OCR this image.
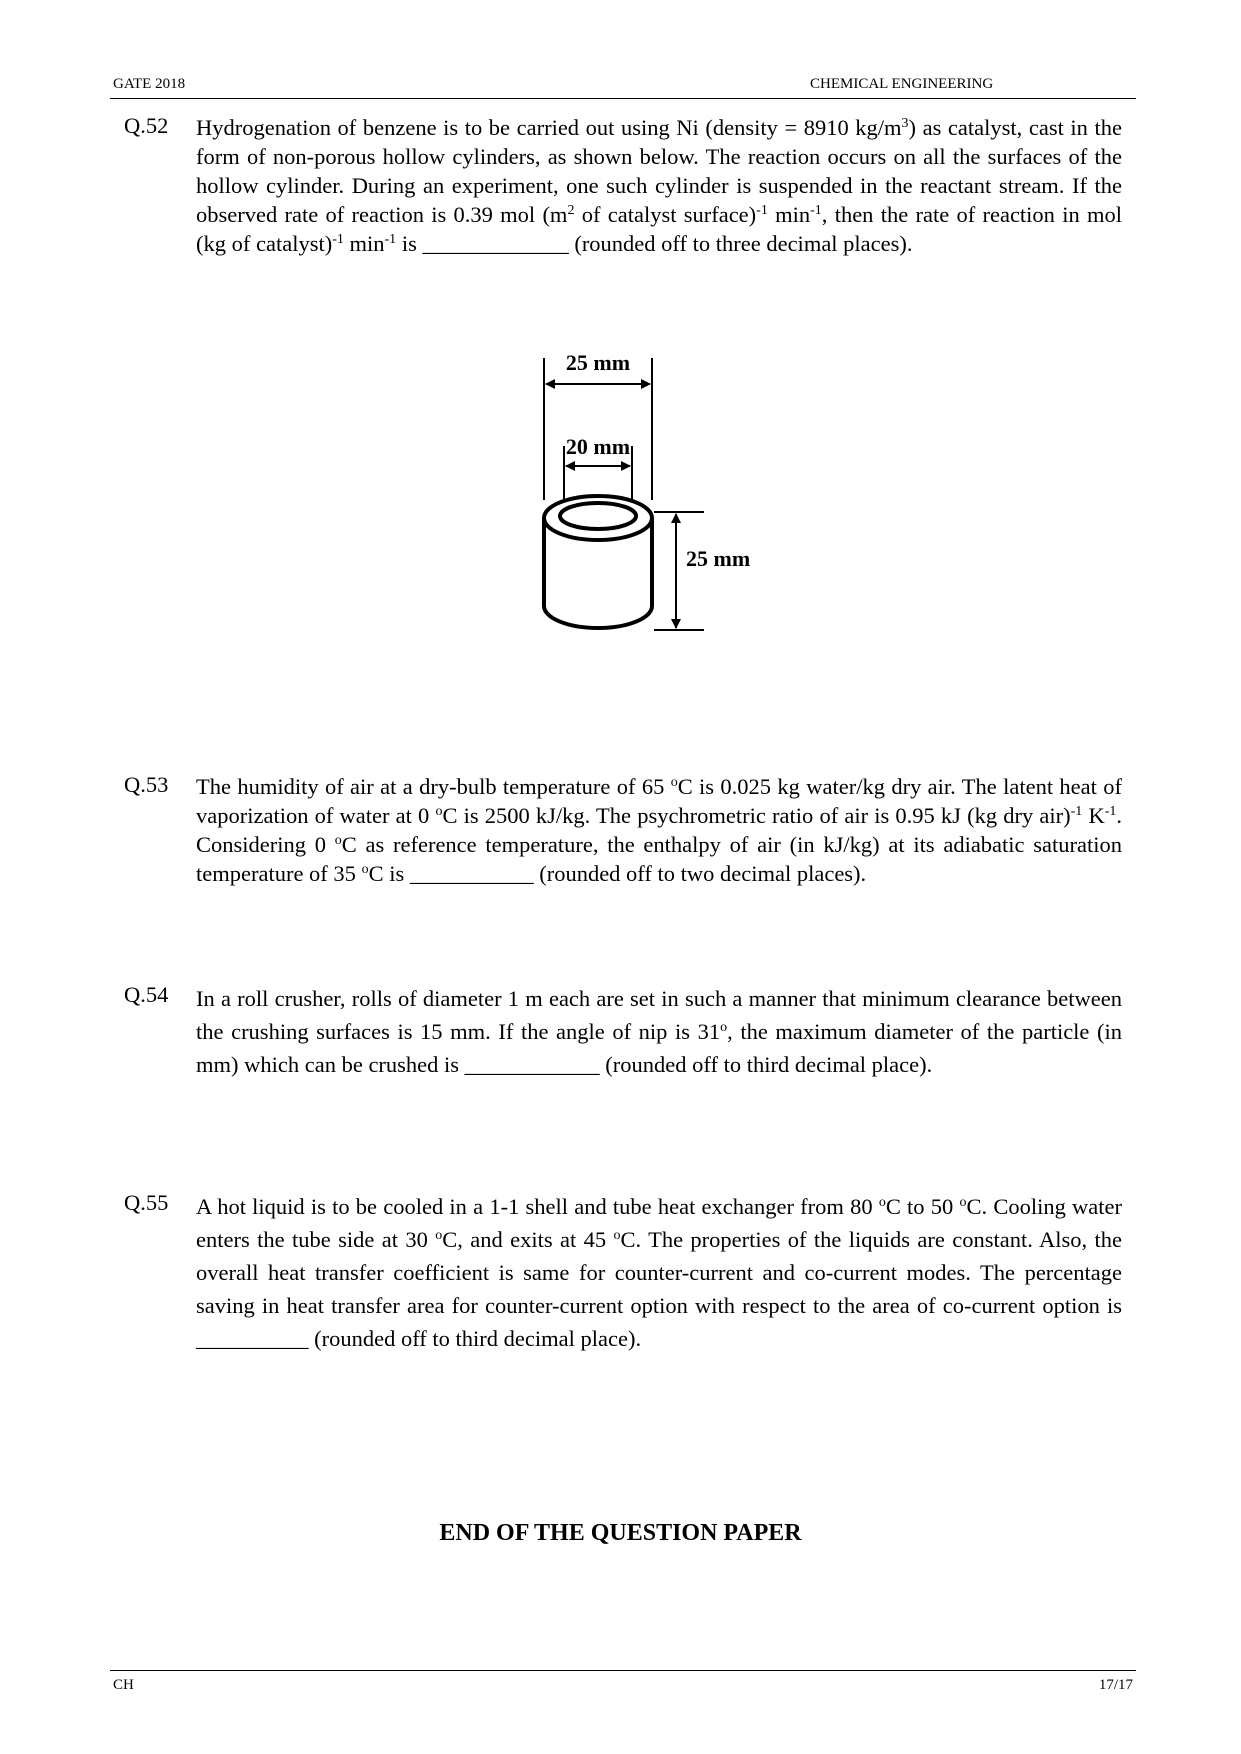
GATE 2018	CHEMICAL ENGINEERING
Q.52 Hydrogenation of benzene is to be carried out using Ni (density = 8910 $kg/m^3$) as catalyst, cast in the form of non-porous hollow cylinders, as shown below. The reaction occurs on all the surfaces of the hollow cylinder. During an experiment, one such cylinder is suspended in the reactant stream. If the observed rate of reaction is 0.39 mol ($m^2$ of catalyst surface)$^{-1}$ $\min^{-1}$, then the rate of reaction in mol (kg of catalyst)$^{-1}$ $\min^{-1}$ is _____________ (rounded off to three decimal places).
25 mm
20 mm
25 mm
Q.53 The humidity of air at a dry-bulb temperature of 65 $^o$C is 0.025 kg water/kg dry air. The latent heat of vaporization of water at 0 $^o$C is 2500 kJ/kg. The psychrometric ratio of air is 0.95 kJ (kg dry air)$^{-1}$ $K^{-1}$. Considering 0 $^o$C as reference temperature, the enthalpy of air (in kJ/kg) at its adiabatic saturation temperature of 35 $^o$C is ___________ (rounded off to two decimal places).
Q.54 In a roll crusher, rolls of diameter 1 m each are set in such a manner that minimum clearance between the crushing surfaces is 15 mm. If the angle of nip is 31$^o$, the maximum diameter of the particle (in mm) which can be crushed is ____________ (rounded off to third decimal place).
Q.55 A hot liquid is to be cooled in a 1-1 shell and tube heat exchanger from 80 $^o$C to 50 $^o$C. Cooling water enters the tube side at 30 $^o$C, and exits at 45 $^o$C. The properties of the liquids are constant. Also, the overall heat transfer coefficient is same for counter-current and co-current modes. The percentage saving in heat transfer area for counter-current option with respect to the area of co-current option is __________ (rounded off to third decimal place).
END OF THE QUESTION PAPER
CH	17/17
